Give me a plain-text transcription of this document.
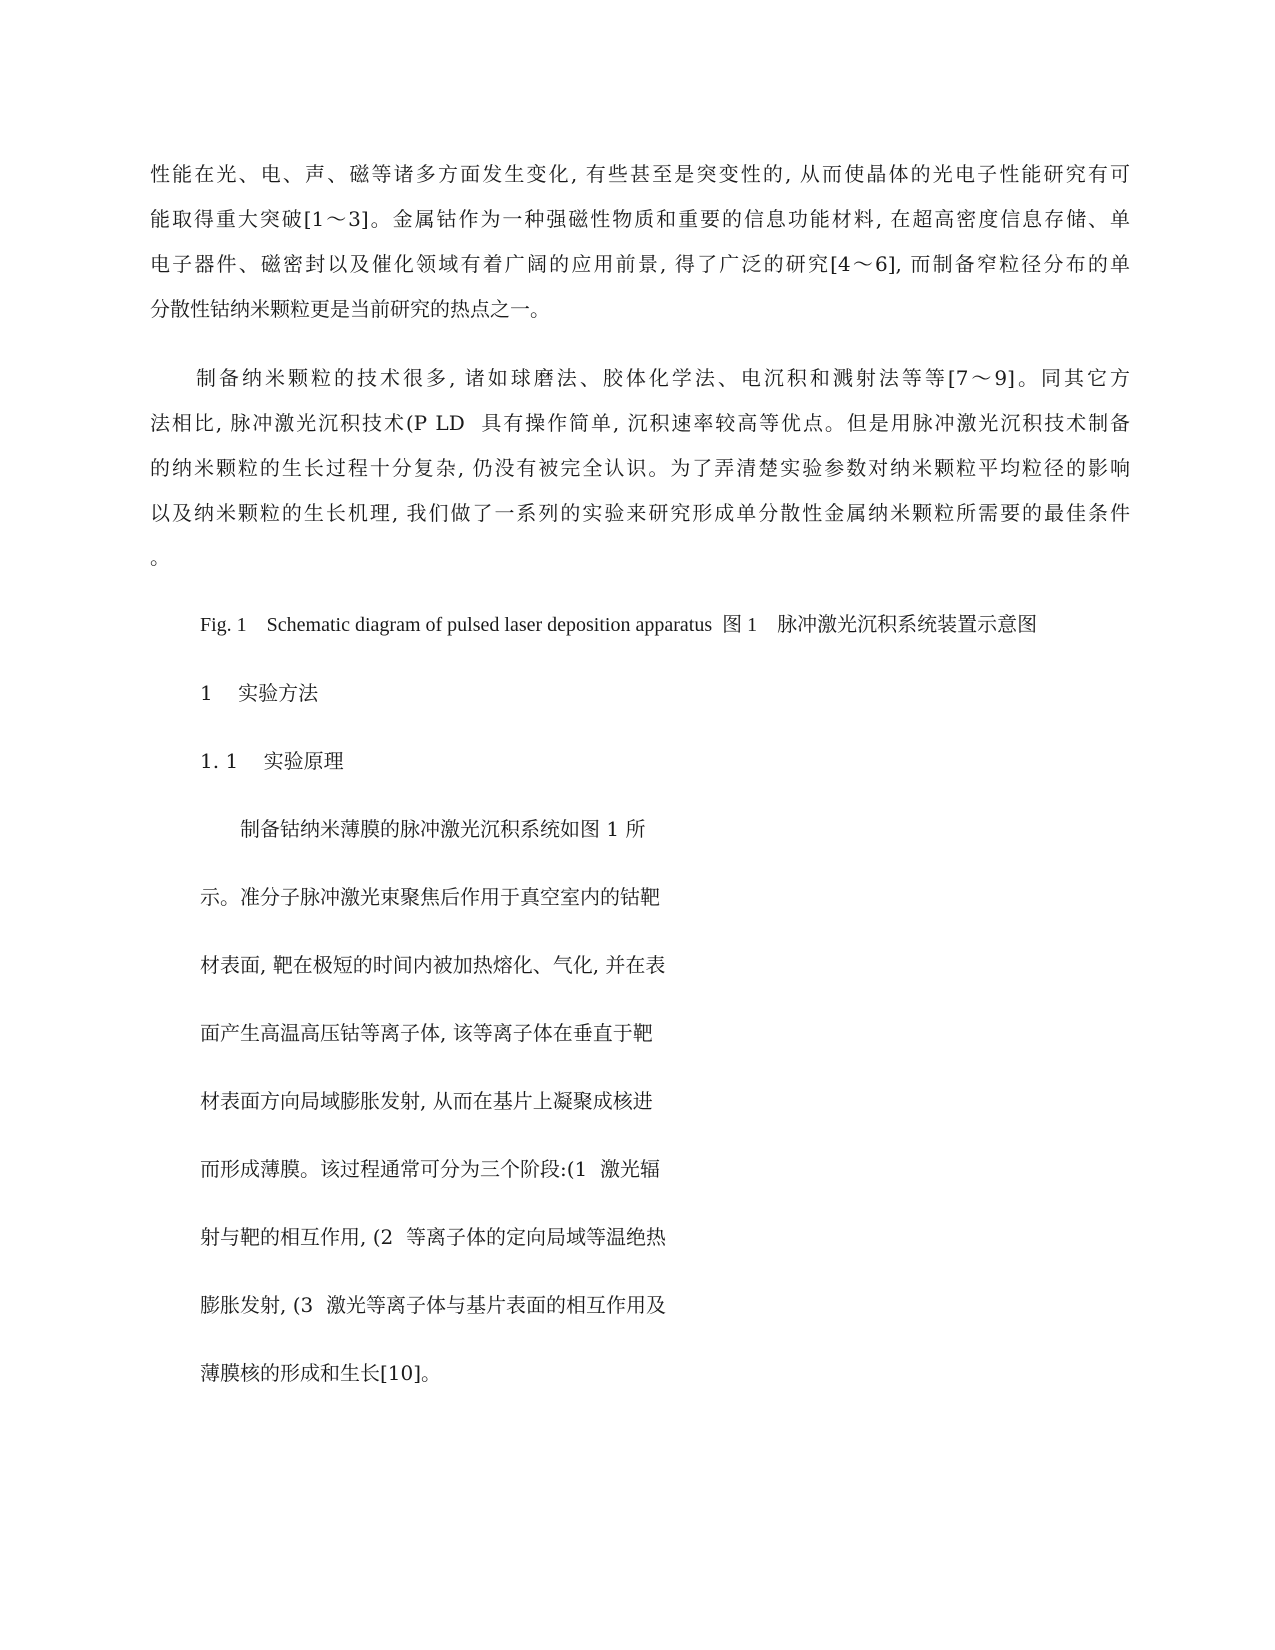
性能在光、电、声、磁等诸多方面发生变化, 有些甚至是突变性的, 从而使晶体的光电子性能研究有可
能取得重大突破[1～3]。金属钴作为一种强磁性物质和重要的信息功能材料, 在超高密度信息存储、单
电子器件、磁密封以及催化领域有着广阔的应用前景, 得了广泛的研究[4～6], 而制备窄粒径分布的单
分散性钴纳米颗粒更是当前研究的热点之一。
　　制备纳米颗粒的技术很多, 诸如球磨法、胶体化学法、电沉积和溅射法等等[7～9]。同其它方
法相比, 脉冲激光沉积技术(P LD  具有操作简单, 沉积速率较高等优点。但是用脉冲激光沉积技术制备
的纳米颗粒的生长过程十分复杂, 仍没有被完全认识。为了弄清楚实验参数对纳米颗粒平均粒径的影响
以及纳米颗粒的生长机理, 我们做了一系列的实验来研究形成单分散性金属纳米颗粒所需要的最佳条件
。
Fig. 1    Schematic diagram of pulsed laser deposition apparatus  图 1    脉冲激光沉积系统装置示意图
1    实验方法
1. 1    实验原理
　　制备钴纳米薄膜的脉冲激光沉积系统如图 1 所
示。准分子脉冲激光束聚焦后作用于真空室内的钴靶
材表面, 靶在极短的时间内被加热熔化、气化, 并在表
面产生高温高压钴等离子体, 该等离子体在垂直于靶
材表面方向局域膨胀发射, 从而在基片上凝聚成核进
而形成薄膜。该过程通常可分为三个阶段:(1  激光辐
射与靶的相互作用, (2  等离子体的定向局域等温绝热
膨胀发射, (3  激光等离子体与基片表面的相互作用及
薄膜核的形成和生长[10]。
